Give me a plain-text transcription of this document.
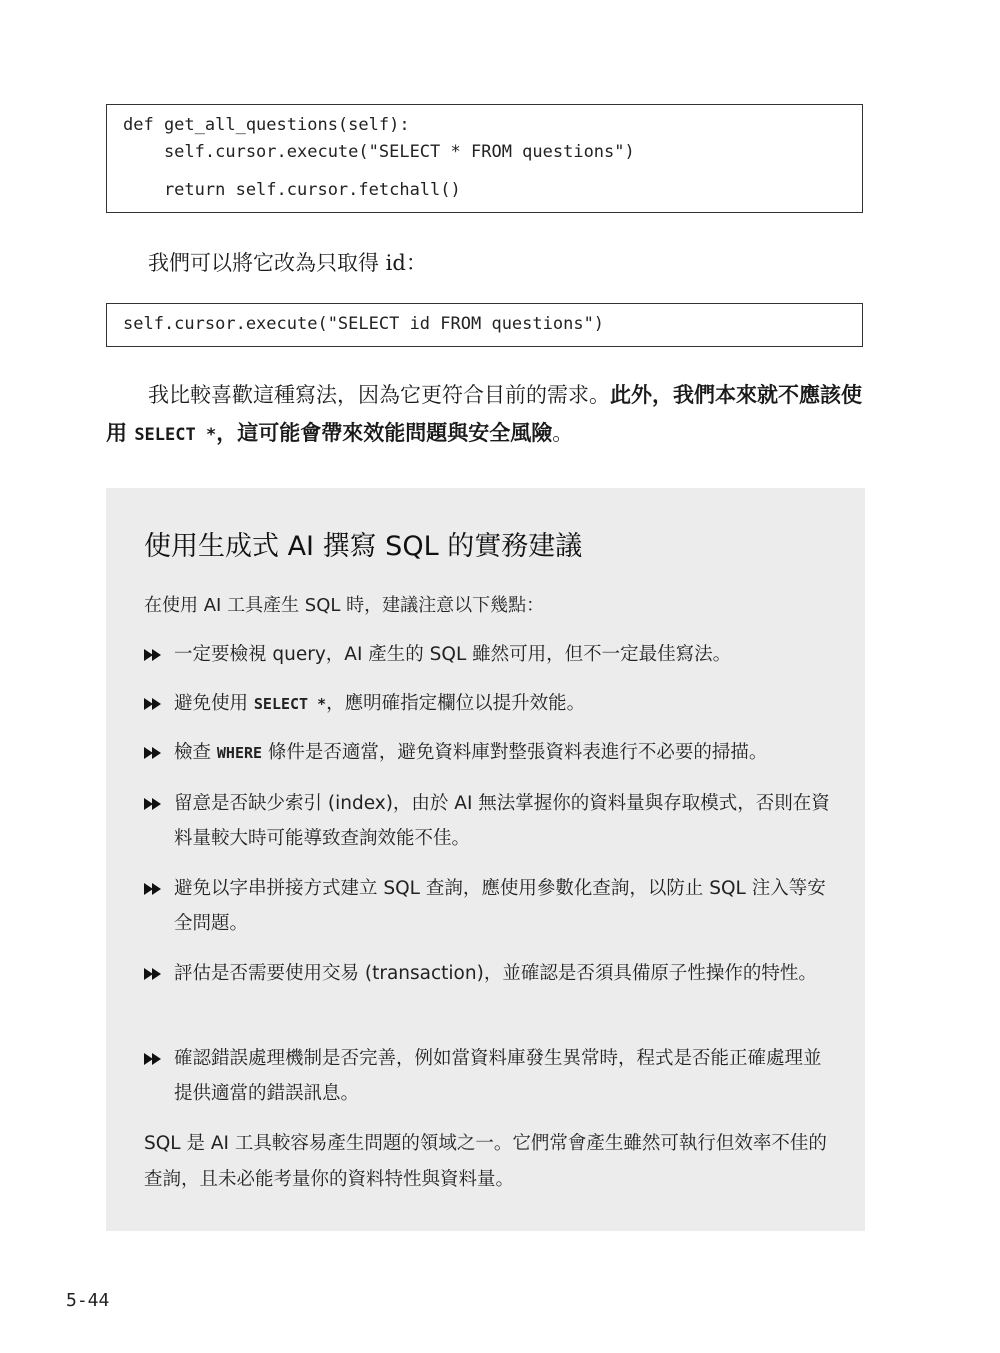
def get_all_questions(self):
self.cursor.execute("SELECT * FROM questions")
return self.cursor.fetchall()
我們可以將它改為只取得 id：
self.cursor.execute("SELECT id FROM questions")
我比較喜歡這種寫法，因為它更符合目前的需求。此外，我們本來就不應該使用 SELECT *，這可能會帶來效能問題與安全風險。
使用生成式 AI 撰寫 SQL 的實務建議
在使用 AI 工具產生 SQL 時，建議注意以下幾點：
一定要檢視 query，AI 產生的 SQL 雖然可用，但不一定最佳寫法。
避免使用 SELECT *，應明確指定欄位以提升效能。
檢查 WHERE 條件是否適當，避免資料庫對整張資料表進行不必要的掃描。
留意是否缺少索引 (index)，由於 AI 無法掌握你的資料量與存取模式，否則在資料量較大時可能導致查詢效能不佳。
避免以字串拼接方式建立 SQL 查詢，應使用參數化查詢，以防止 SQL 注入等安全問題。
評估是否需要使用交易 (transaction)，並確認是否須具備原子性操作的特性。
確認錯誤處理機制是否完善，例如當資料庫發生異常時，程式是否能正確處理並提供適當的錯誤訊息。
SQL 是 AI 工具較容易產生問題的領域之一。它們常會產生雖然可執行但效率不佳的查詢，且未必能考量你的資料特性與資料量。
5-44
